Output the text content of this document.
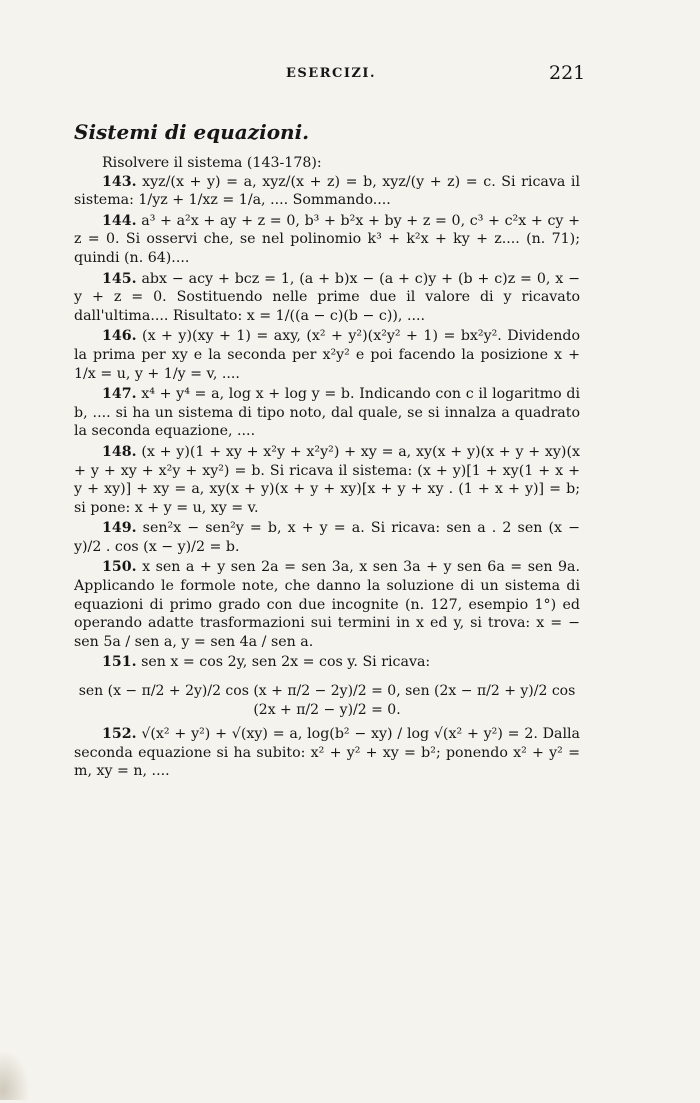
ESERCIZI.	221
Sistemi di equazioni.

Risolvere il sistema (143-178):

143. xyz/(x + y) = a, xyz/(x + z) = b, xyz/(y + z) = c. Si ricava il sistema: 1/yz + 1/xz = 1/a, .... Sommando....

144. a³ + a²x + ay + z = 0, b³ + b²x + by + z = 0, c³ + c²x + cy + z = 0. Si osservi che, se nel polinomio k³ + k²x + ky + z.... (n. 71); quindi (n. 64)....

145. abx − acy + bcz = 1, (a + b)x − (a + c)y + (b + c)z = 0, x − y + z = 0. Sostituendo nelle prime due il valore di y ricavato dall'ultima.... Risultato: x = 1/((a − c)(b − c)), ....

146. (x + y)(xy + 1) = axy, (x² + y²)(x²y² + 1) = bx²y². Dividendo la prima per xy e la seconda per x²y² e poi facendo la posizione x + 1/x = u, y + 1/y = v, ....

147. x⁴ + y⁴ = a, log x + log y = b. Indicando con c il logaritmo di b, .... si ha un sistema di tipo noto, dal quale, se si innalza a quadrato la seconda equazione, ....

148. (x + y)(1 + xy + x²y + x²y²) + xy = a, xy(x + y)(x + y + xy)(x + y + xy + x²y + xy²) = b. Si ricava il sistema: (x + y)[1 + xy(1 + x + y + xy)] + xy = a, xy(x + y)(x + y + xy)[x + y + xy . (1 + x + y)] = b; si pone: x + y = u, xy = v.

149. sen²x − sen²y = b, x + y = a. Si ricava: sen a . 2 sen (x − y)/2 . cos (x − y)/2 = b.

150. x sen a + y sen 2a = sen 3a, x sen 3a + y sen 6a = sen 9a. Applicando le formole note, che danno la soluzione di un sistema di equazioni di primo grado con due incognite (n. 127, esempio 1°) ed operando adatte trasformazioni sui termini in x ed y, si trova: x = − sen 5a / sen a, y = sen 4a / sen a.

151. sen x = cos 2y, sen 2x = cos y. Si ricava:

sen (x − π/2 + 2y)/2 cos (x + π/2 − 2y)/2 = 0, sen (2x − π/2 + y)/2 cos (2x + π/2 − y)/2 = 0.

152. √(x² + y²) + √(xy) = a, log(b² − xy) / log √(x² + y²) = 2. Dalla seconda equazione si ha subito: x² + y² + xy = b²; ponendo x² + y² = m, xy = n, ....
